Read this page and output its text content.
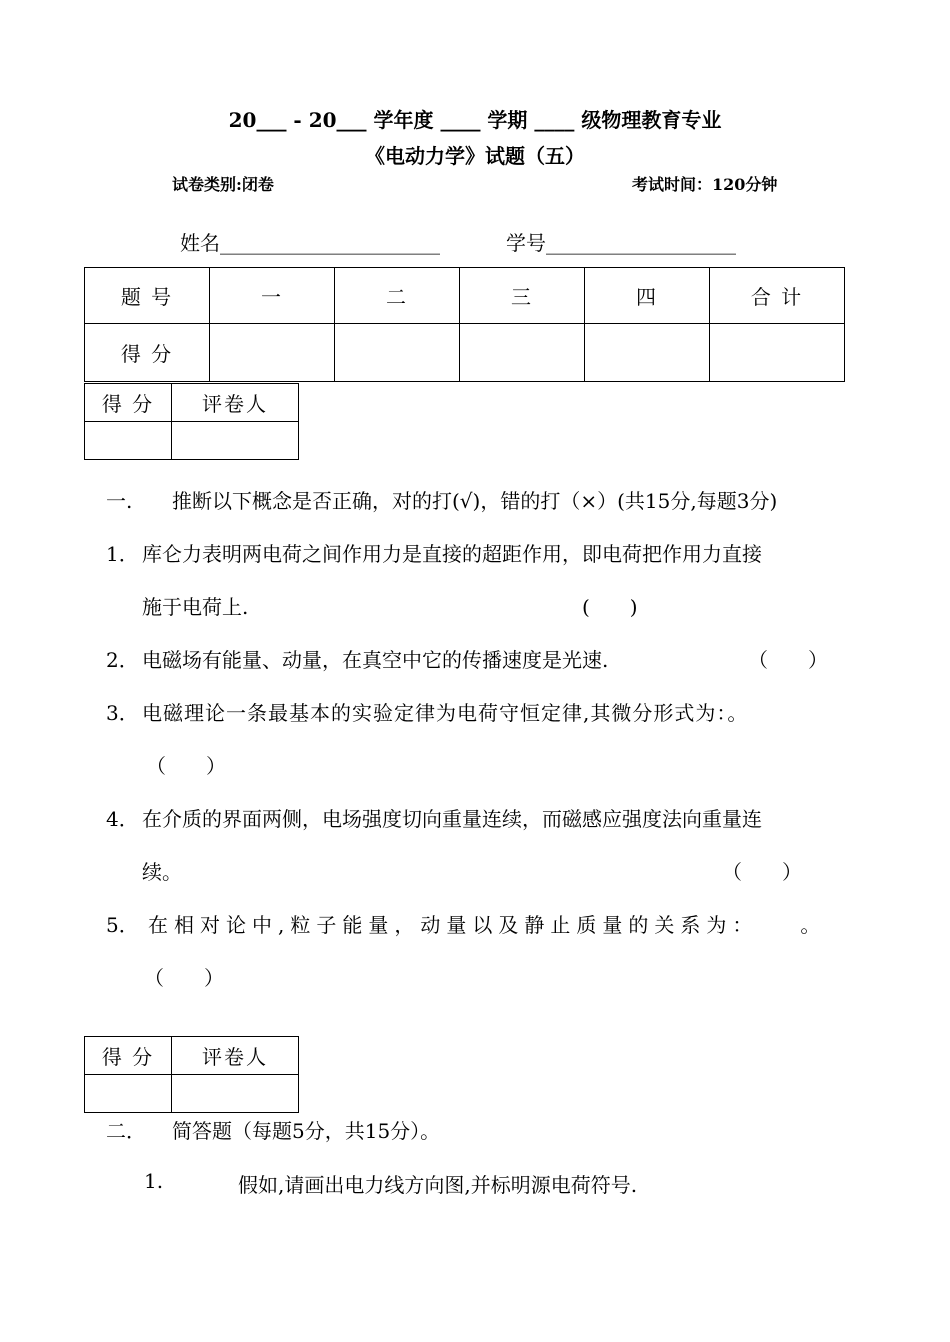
20___ - 20___ 学年度 ____ 学期 ____ 级物理教育专业
《电动力学》试题（五）
试卷类别:闭卷	考试时间：120分钟
姓名______________________	学号___________________
题 号	一	二	三	四	合 计
得 分					
得 分	评卷人

一. 推断以下概念是否正确，对的打(√)，错的打（×）(共15分,每题3分)
1． 库仑力表明两电荷之间作用力是直接的超距作用，即电荷把作用力直接
施于电荷上.	(　　)
2． 电磁场有能量、动量，在真空中它的传播速度是光速.	（　　）
3． 电磁理论一条最基本的实验定律为电荷守恒定律,其微分形式为：。
（　　）
4． 在介质的界面两侧，电场强度切向重量连续，而磁感应强度法向重量连
续。	（　　）
5． 在相对论中,粒子能量，动量以及静止质量的关系为：　　。
（　　）
得 分	评卷人

二． 简答题（每题5分，共15分）。
1.	假如,请画出电力线方向图,并标明源电荷符号.
